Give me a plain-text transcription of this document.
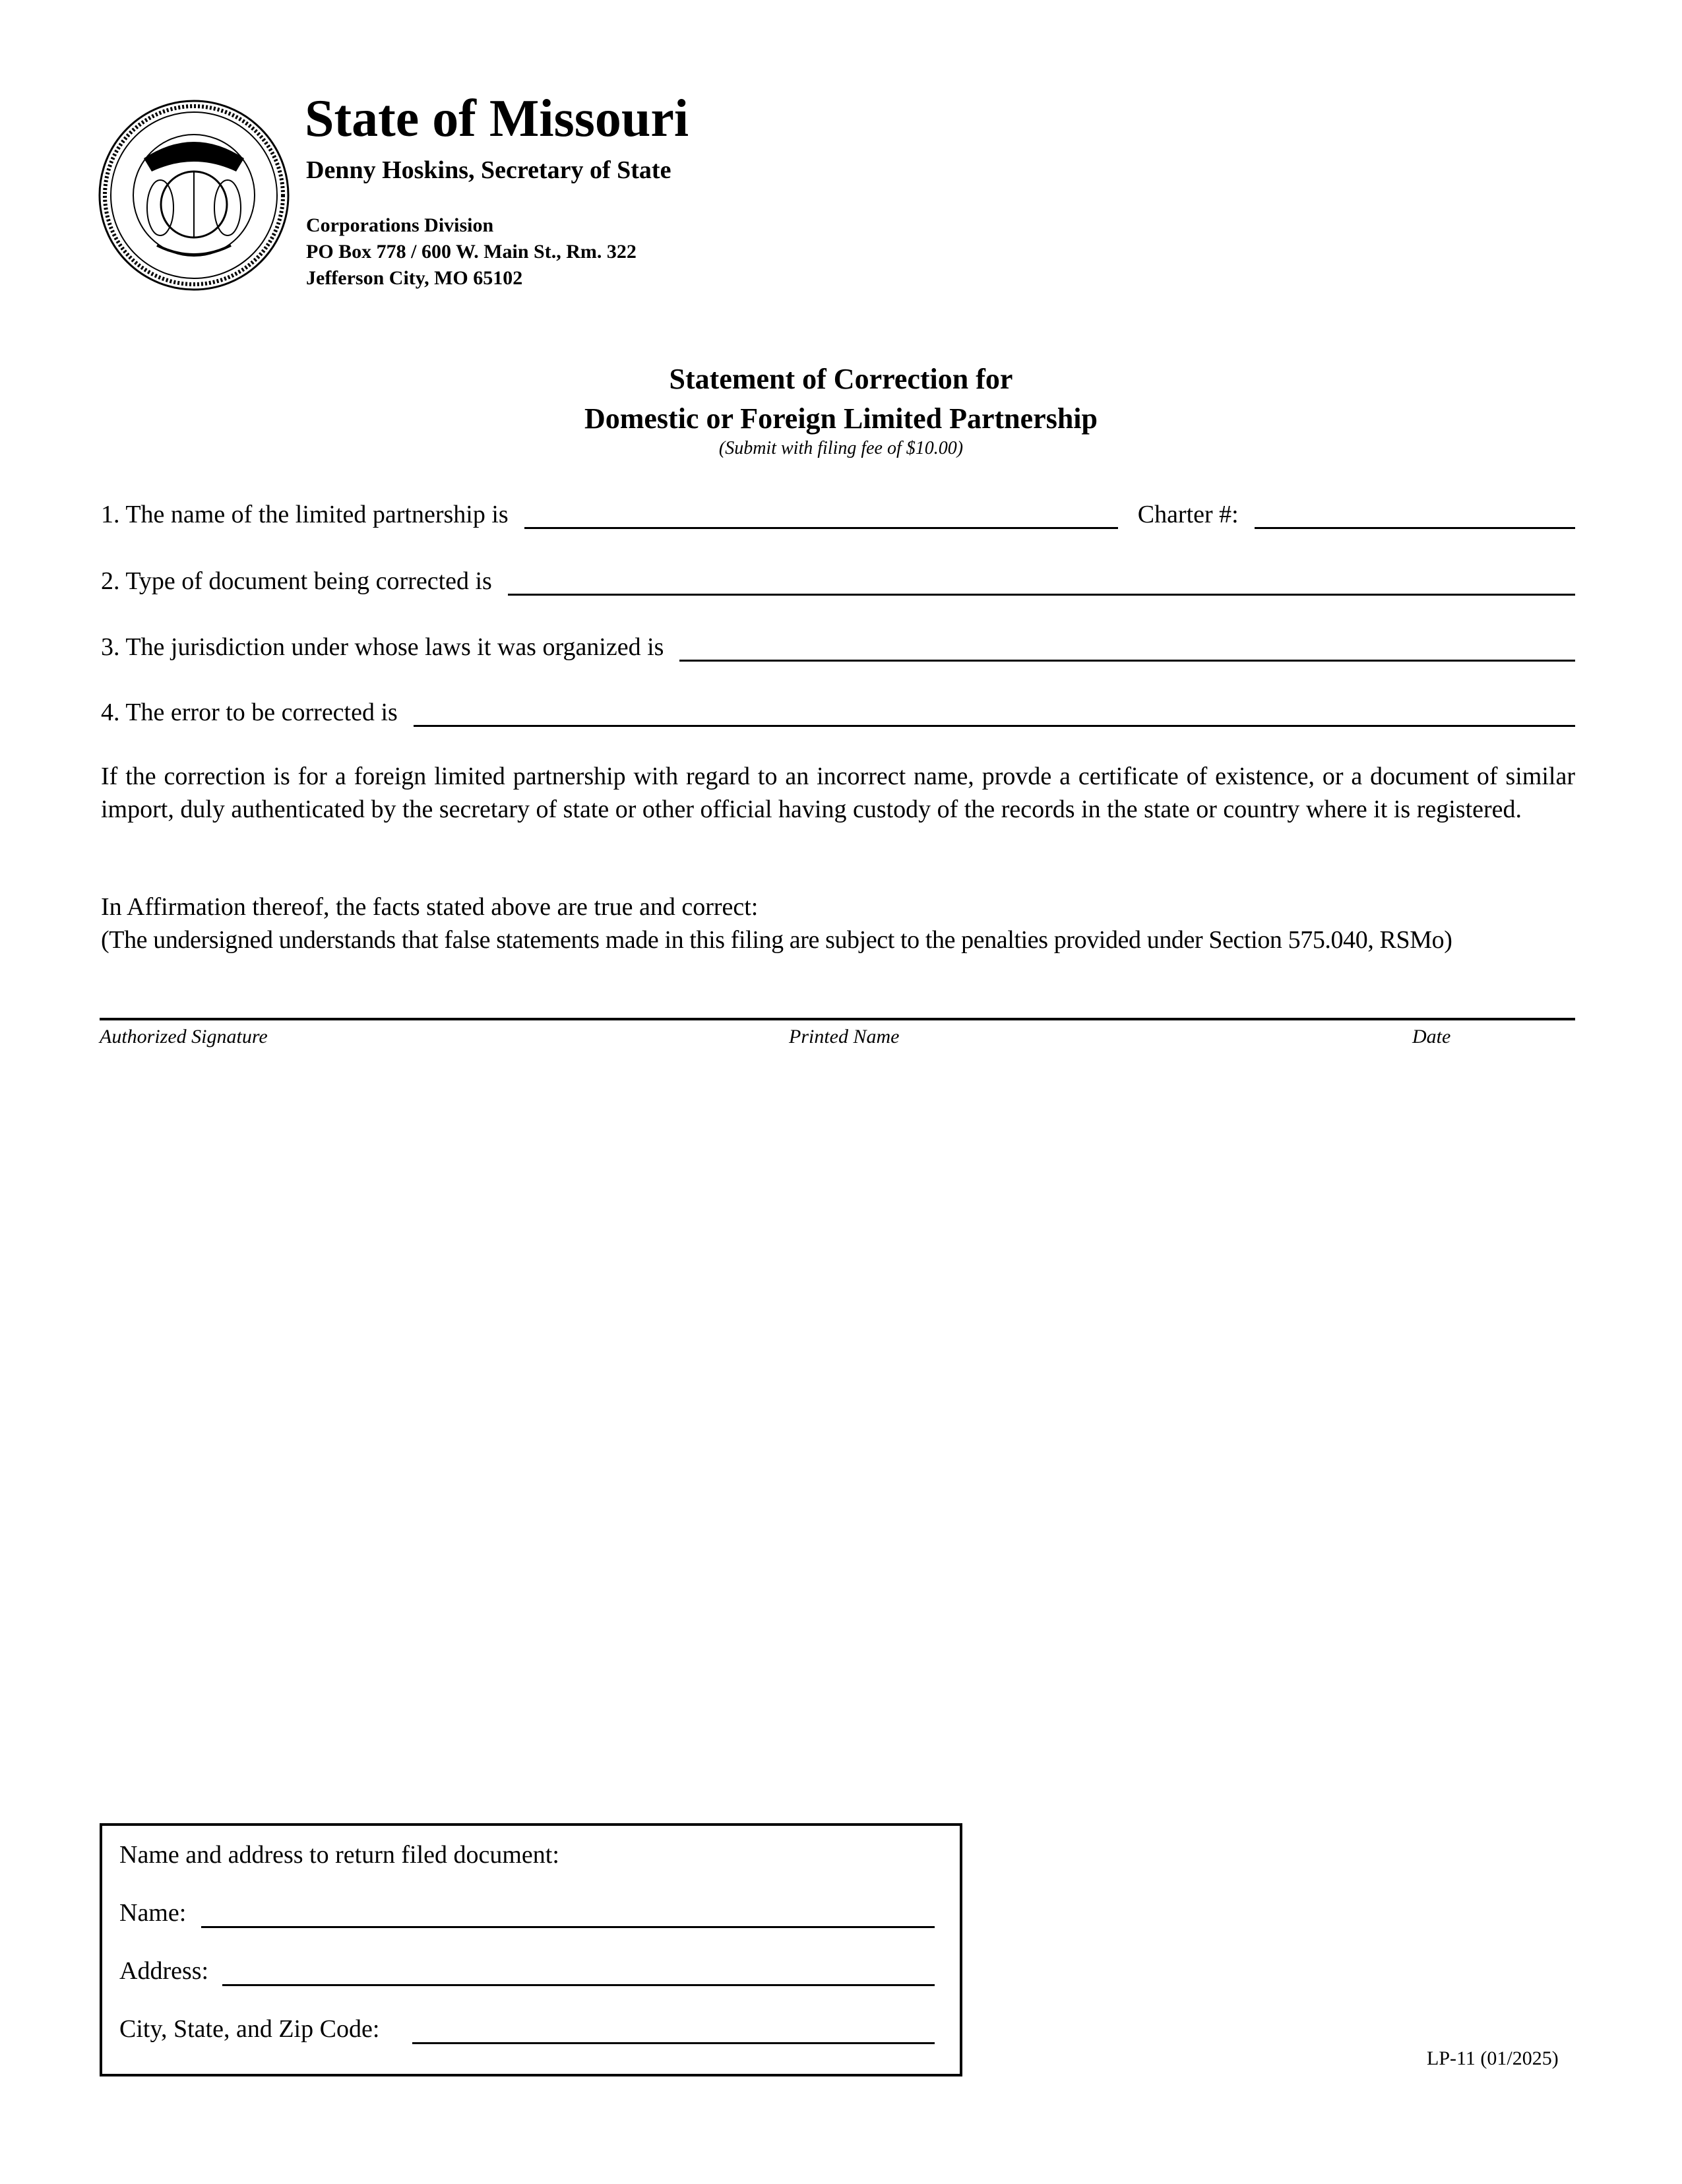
State of Missouri
Denny Hoskins, Secretary of State
Corporations Division
PO Box 778 / 600 W. Main St., Rm. 322
Jefferson City, MO 65102
Statement of Correction for
Domestic or Foreign Limited Partnership
(Submit with filing fee of $10.00)
1. The name of the limited partnership is	Charter #:
2. Type of document being corrected is
3. The jurisdiction under whose laws it was organized is
4. The error to be corrected is
If the correction is for a foreign limited partnership with regard to an incorrect name, provde a certificate of existence, or a document of similar import, duly authenticated by the secretary of state or other official having custody of the records in the state or country where it is registered.
In Affirmation thereof, the facts stated above are true and correct:
(The undersigned understands that false statements made in this filing are subject to the penalties provided under Section 575.040, RSMo)
Authorized Signature	Printed Name	Date
Name and address to return filed document:
Name:
Address:
City, State, and Zip Code:
LP-11 (01/2025)
